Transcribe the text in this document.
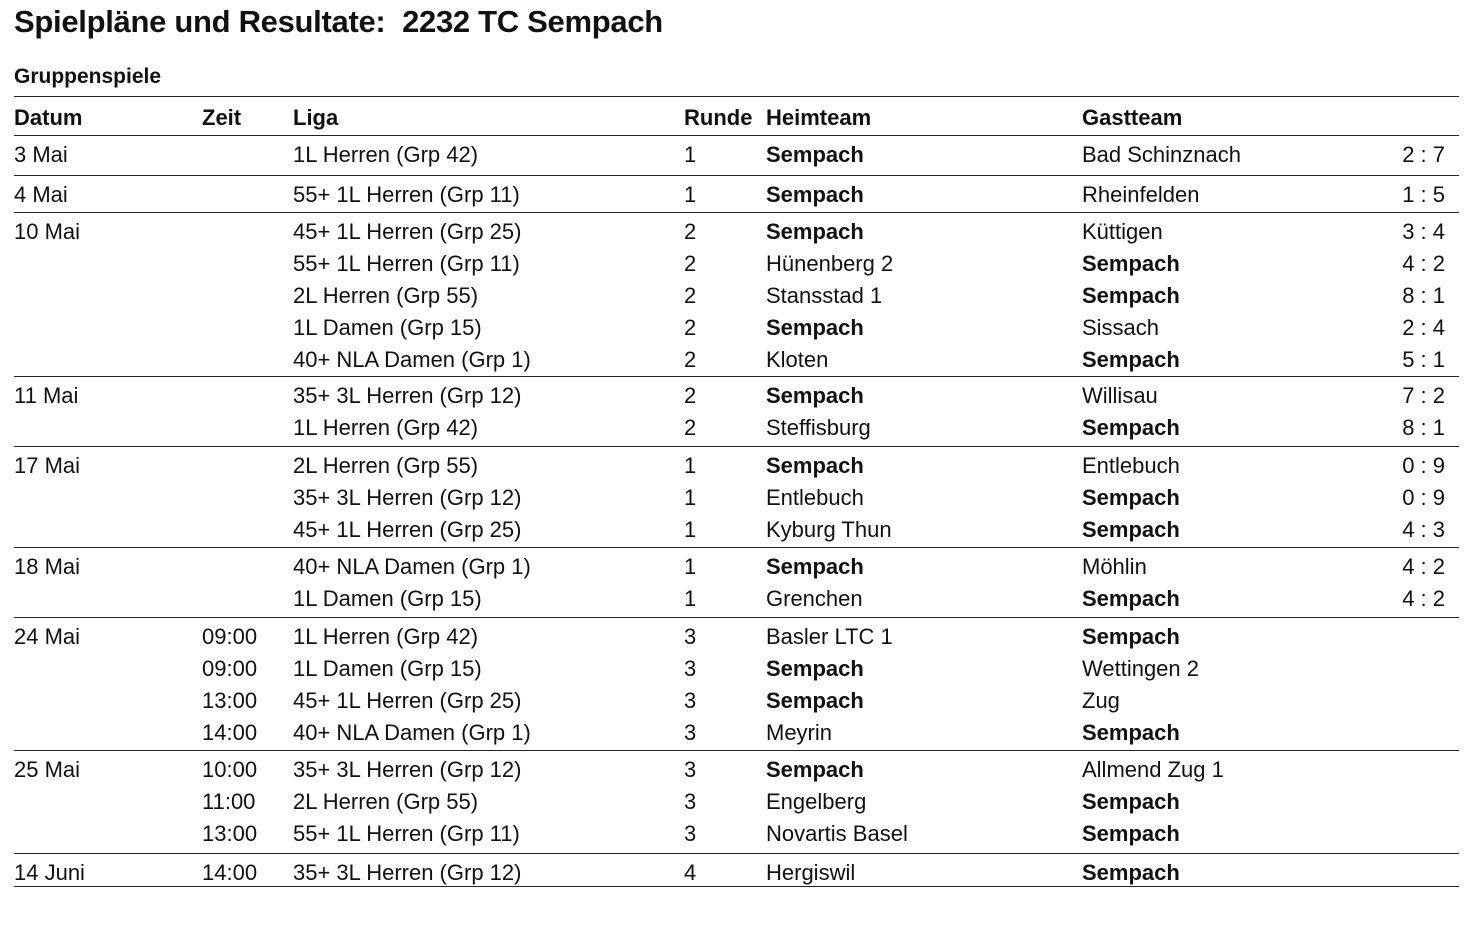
Spielpläne und Resultate:  2232 TC Sempach
Gruppenspiele
Datum	Zeit Liga	Runde Heimteam	Gastteam
3 Mai	1L Herren (Grp 42)	1	Sempach	Bad Schinznach	2 : 7
4 Mai	55+ 1L Herren (Grp 11)	1	Sempach	Rheinfelden	1 : 5
10 Mai	45+ 1L Herren (Grp 25)	2	Sempach	Küttigen	3 : 4
55+ 1L Herren (Grp 11)	2	Hünenberg 2	Sempach	4 : 2
2L Herren (Grp 55)	2	Stansstad 1	Sempach	8 : 1
1L Damen (Grp 15)	2	Sempach	Sissach	2 : 4
40+ NLA Damen (Grp 1)	2	Kloten	Sempach	5 : 1
11 Mai	35+ 3L Herren (Grp 12)	2	Sempach	Willisau	7 : 2
1L Herren (Grp 42)	2	Steffisburg	Sempach	8 : 1
17 Mai	2L Herren (Grp 55)	1	Sempach	Entlebuch	0 : 9
35+ 3L Herren (Grp 12)	1	Entlebuch	Sempach	0 : 9
45+ 1L Herren (Grp 25)	1	Kyburg Thun	Sempach	4 : 3
18 Mai	40+ NLA Damen (Grp 1)	1	Sempach	Möhlin	4 : 2
1L Damen (Grp 15)	1	Grenchen	Sempach	4 : 2
24 Mai	09:00 1L Herren (Grp 42)	3	Basler LTC 1	Sempach
09:00 1L Damen (Grp 15)	3	Sempach	Wettingen 2
13:00 45+ 1L Herren (Grp 25)	3	Sempach	Zug
14:00 40+ NLA Damen (Grp 1)	3	Meyrin	Sempach
25 Mai	10:00 35+ 3L Herren (Grp 12)	3	Sempach	Allmend Zug 1
11:00 2L Herren (Grp 55)	3	Engelberg	Sempach
13:00 55+ 1L Herren (Grp 11)	3	Novartis Basel	Sempach
14 Juni	14:00 35+ 3L Herren (Grp 12)	4	Hergiswil	Sempach
